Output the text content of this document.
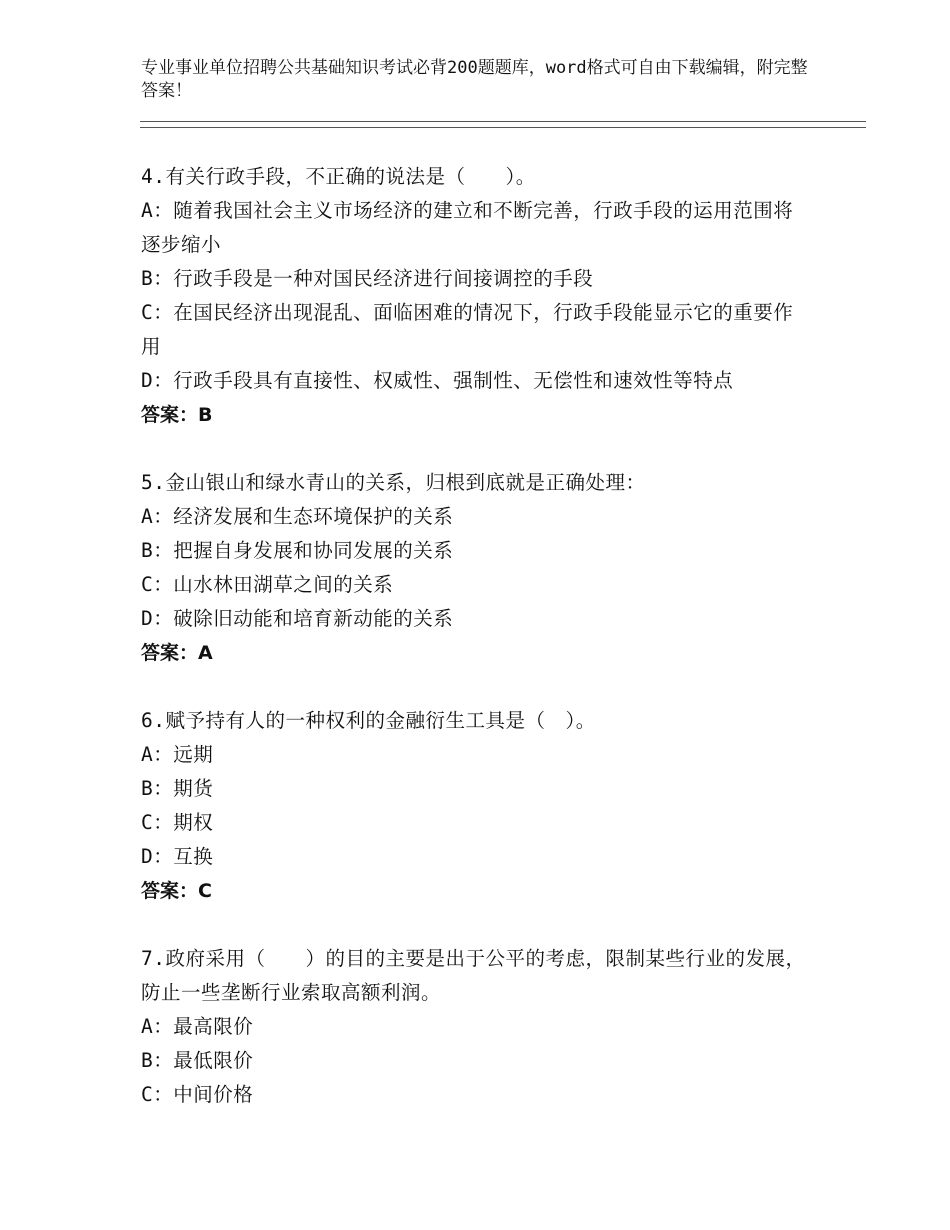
专业事业单位招聘公共基础知识考试必背200题题库，word格式可自由下载编辑，附完整答案！
4.有关行政手段，不正确的说法是（　　）。
A：随着我国社会主义市场经济的建立和不断完善，行政手段的运用范围将逐步缩小
B：行政手段是一种对国民经济进行间接调控的手段
C：在国民经济出现混乱、面临困难的情况下，行政手段能显示它的重要作用
D：行政手段具有直接性、权威性、强制性、无偿性和速效性等特点
答案：B
5.金山银山和绿水青山的关系，归根到底就是正确处理：
A：经济发展和生态环境保护的关系
B：把握自身发展和协同发展的关系
C：山水林田湖草之间的关系
D：破除旧动能和培育新动能的关系
答案：A
6.赋予持有人的一种权利的金融衍生工具是（　）。
A：远期
B：期货
C：期权
D：互换
答案：C
7.政府采用（　　）的目的主要是出于公平的考虑，限制某些行业的发展，防止一些垄断行业索取高额利润。
A：最高限价
B：最低限价
C：中间价格
